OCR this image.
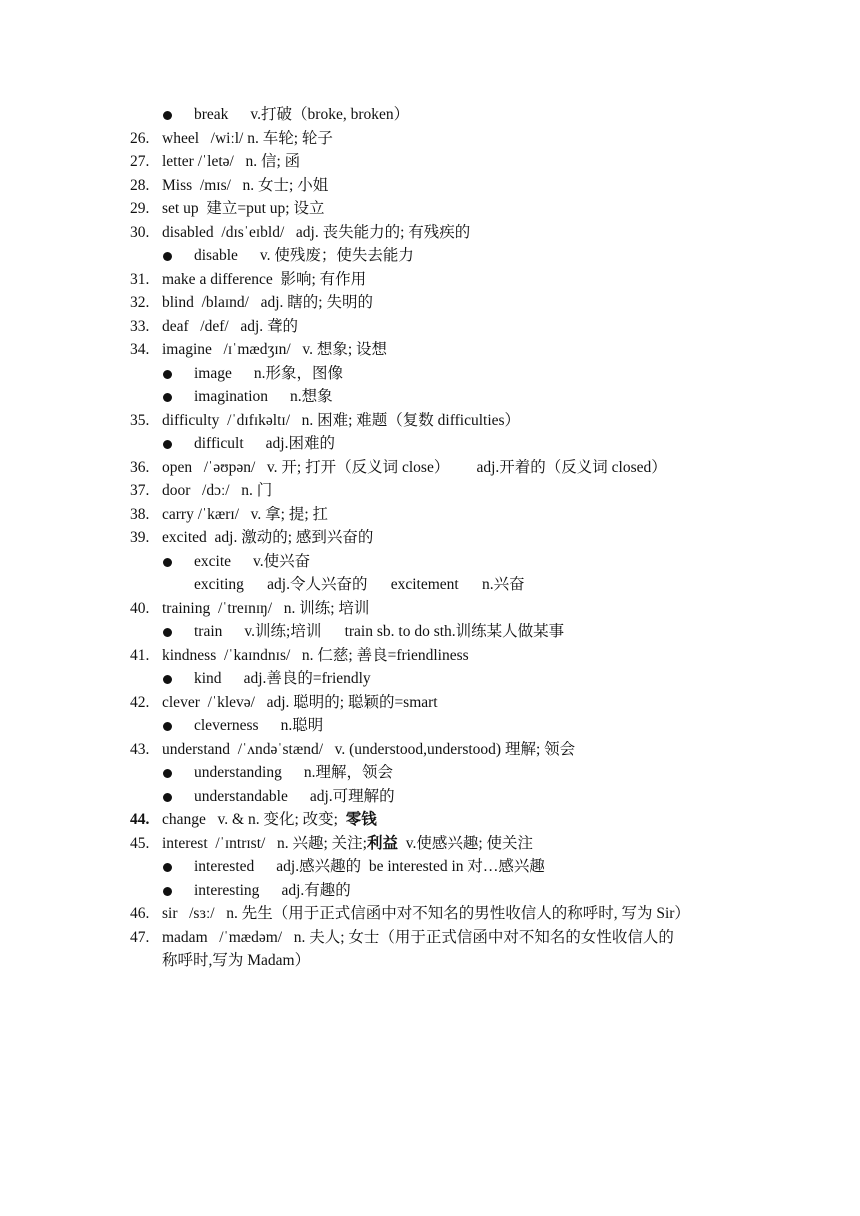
break v.打破（broke, broken）
26. wheel   /wiːl/ n. 车轮; 轮子
27. letter /ˈletə/   n. 信; 函
28. Miss  /mɪs/   n. 女士; 小姐
29. set up  建立=put up; 设立
30. disabled  /dɪsˈeɪbld/   adj. 丧失能力的; 有残疾的
disable v. 使残废；使失去能力
31. make a difference  影响; 有作用
32. blind  /blaɪnd/   adj. 瞎的; 失明的
33. deaf   /def/   adj. 聋的
34. imagine   /ɪˈmædʒɪn/   v. 想象; 设想
image n.形象，图像
imagination n.想象
35. difficulty  /ˈdɪfɪkəltɪ/   n. 困难; 难题（复数 difficulties）
difficult adj.困难的
36. open   /ˈəʊpən/   v. 开; 打开（反义词 close）       adj.开着的（反义词 closed）
37. door   /dɔː/   n. 门
38. carry /ˈkærɪ/   v. 拿; 提; 扛
39. excited  adj. 激动的; 感到兴奋的
excite v.使兴奋
exciting      adj.令人兴奋的      excitement      n.兴奋
40. training  /ˈtreɪnɪŋ/   n. 训练; 培训
train v.训练;培训      train sb. to do sth.训练某人做某事
41. kindness  /ˈkaɪndnɪs/   n. 仁慈; 善良=friendliness
kind adj.善良的=friendly
42. clever  /ˈklevə/   adj. 聪明的; 聪颖的=smart
cleverness n.聪明
43. understand  /ˈʌndəˈstænd/   v. (understood,understood) 理解; 领会
understanding n.理解，领会
understandable adj.可理解的
44. change   v. & n. 变化; 改变;  零钱
45. interest  /ˈɪntrɪst/   n. 兴趣; 关注;利益  v.使感兴趣; 使关注
interested adj.感兴趣的  be interested in 对…感兴趣
interesting adj.有趣的
46. sir   /sɜː/   n. 先生（用于正式信函中对不知名的男性收信人的称呼时, 写为 Sir）
47. madam   /ˈmædəm/   n. 夫人; 女士（用于正式信函中对不知名的女性收信人的
称呼时,写为 Madam）
